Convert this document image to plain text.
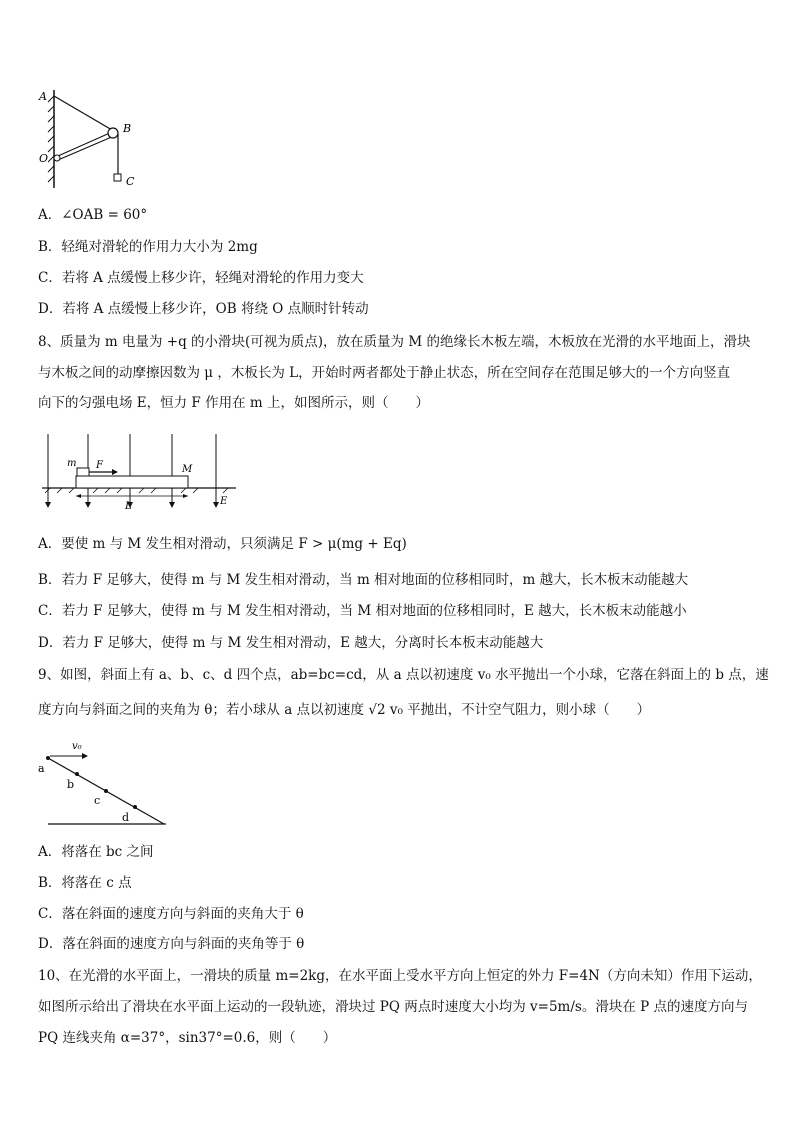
A
B
O
C
A．∠OAB = 60°
B．轻绳对滑轮的作用力大小为 2mg
C．若将 A 点缓慢上移少许，轻绳对滑轮的作用力变大
D．若将 A 点缓慢上移少许，OB 将绕 O 点顺时针转动
8、质量为 m 电量为 +q 的小滑块(可视为质点)，放在质量为 M 的绝缘长木板左端，木板放在光滑的水平地面上，滑块
与木板之间的动摩擦因数为 μ ，木板长为 L，开始时两者都处于静止状态，所在空间存在范围足够大的一个方向竖直
向下的匀强电场 E，恒力 F 作用在 m 上，如图所示，则（　　）
m F	M
L	E
A．要使 m 与 M 发生相对滑动，只须满足 F > μ(mg + Eq)
B．若力 F 足够大，使得 m 与 M 发生相对滑动，当 m 相对地面的位移相同时，m 越大，长木板末动能越大
C．若力 F 足够大，使得 m 与 M 发生相对滑动，当 M 相对地面的位移相同时，E 越大，长木板末动能越小
D．若力 F 足够大，使得 m 与 M 发生相对滑动，E 越大，分离时长本板末动能越大
9、如图，斜面上有 a、b、c、d 四个点，ab=bc=cd，从 a 点以初速度 v₀ 水平抛出一个小球，它落在斜面上的 b 点，速
度方向与斜面之间的夹角为 θ；若小球从 a 点以初速度 √2 v₀ 平抛出，不计空气阻力，则小球（　　）
v₀
a
b
c
d
A．将落在 bc 之间
B．将落在 c 点
C．落在斜面的速度方向与斜面的夹角大于 θ
D．落在斜面的速度方向与斜面的夹角等于 θ
10、在光滑的水平面上，一滑块的质量 m=2kg，在水平面上受水平方向上恒定的外力 F=4N（方向未知）作用下运动，
如图所示给出了滑块在水平面上运动的一段轨迹，滑块过 PQ 两点时速度大小均为 v=5m/s。滑块在 P 点的速度方向与
PQ 连线夹角 α=37°，sin37°=0.6，则（　　）
